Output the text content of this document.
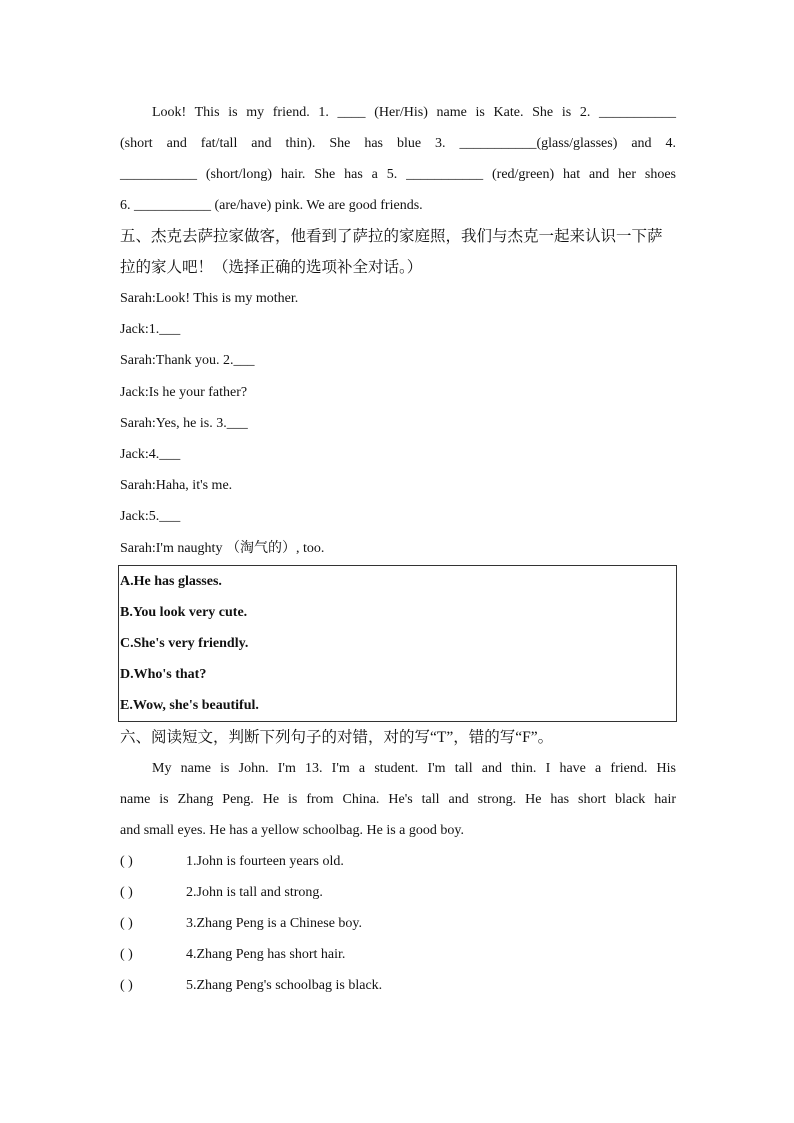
Look! This is my friend. 1. ____ (Her/His) name is Kate. She is 2. ___________
(short and fat/tall and thin). She has blue 3. ___________(glass/glasses) and 4.
___________ (short/long) hair. She has a 5. ___________ (red/green) hat and her shoes
6. ___________ (are/have) pink. We are good friends.
五、杰克去萨拉家做客，他看到了萨拉的家庭照，我们与杰克一起来认识一下萨
拉的家人吧！（选择正确的选项补全对话。）
Sarah:Look! This is my mother.
Jack:1.___
Sarah:Thank you. 2.___
Jack:Is he your father?
Sarah:Yes, he is. 3.___
Jack:4.___
Sarah:Haha, it's me.
Jack:5.___
Sarah:I'm naughty （淘气的）, too.
A.He has glasses.
B.You look very cute.
C.She's very friendly.
D.Who's that?
E.Wow, she's beautiful.
六、阅读短文，判断下列句子的对错，对的写“T”，错的写“F”。
My name is John. I'm 13. I'm a student. I'm tall and thin. I have a friend. His
name is Zhang Peng. He is from China. He's tall and strong. He has short black hair
and small eyes. He has a yellow schoolbag. He is a good boy.
( )	1.John is fourteen years old.
( )	2.John is tall and strong.
( )	3.Zhang Peng is a Chinese boy.
( )	4.Zhang Peng has short hair.
( )	5.Zhang Peng's schoolbag is black.
